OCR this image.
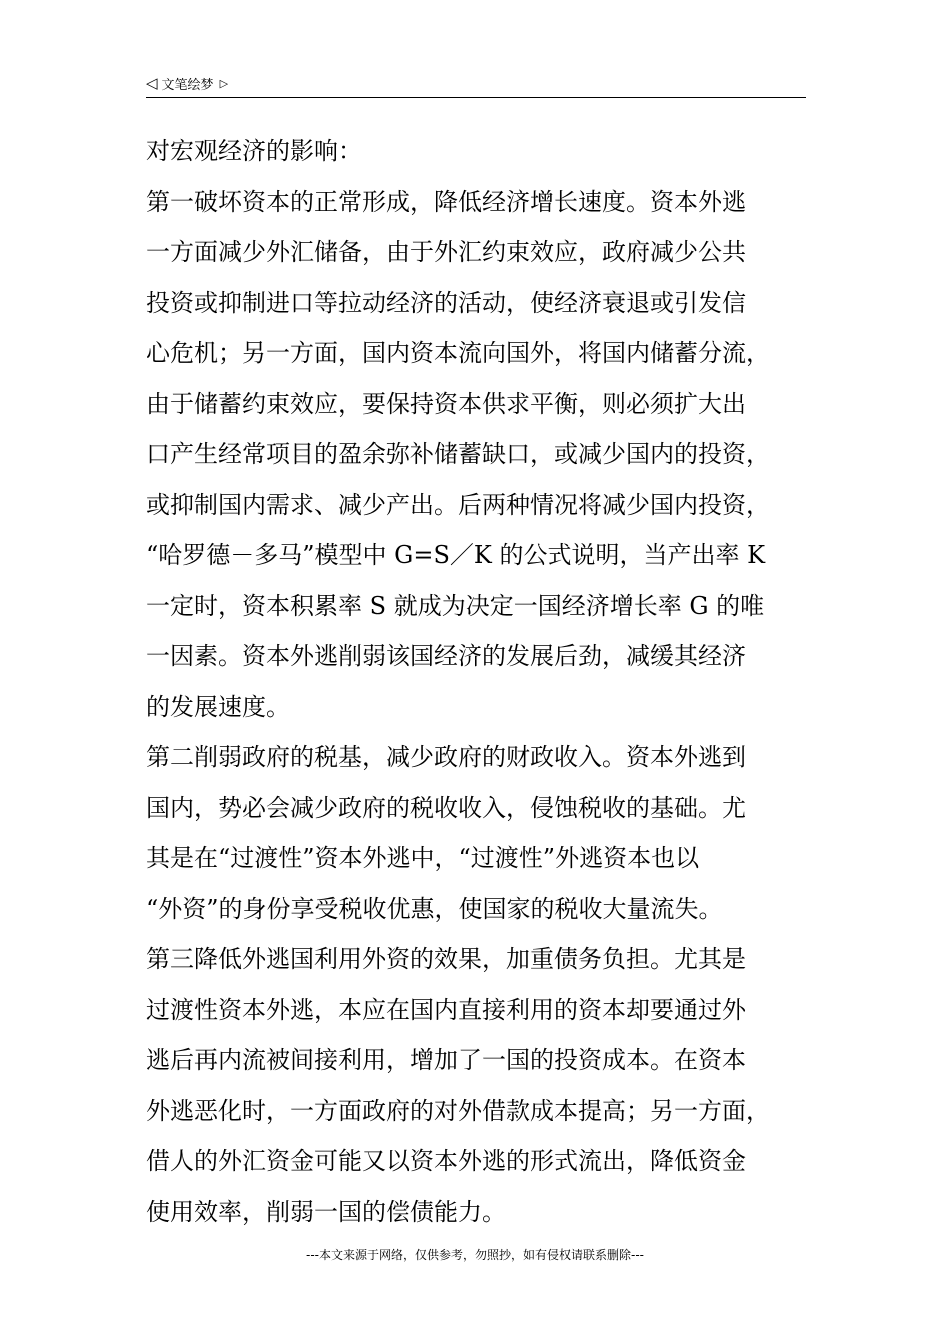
◁ 文笔绘梦 ▷
对宏观经济的影响：
第一破坏资本的正常形成，降低经济增长速度。资本外逃
一方面减少外汇储备，由于外汇约束效应，政府减少公共
投资或抑制进口等拉动经济的活动，使经济衰退或引发信
心危机；另一方面，国内资本流向国外，将国内储蓄分流，
由于储蓄约束效应，要保持资本供求平衡，则必须扩大出
口产生经常项目的盈余弥补储蓄缺口，或减少国内的投资，
或抑制国内需求、减少产出。后两种情况将减少国内投资，
“哈罗德－多马”模型中 G=S／K 的公式说明，当产出率 K
一定时，资本积累率 S 就成为决定一国经济增长率 G 的唯
一因素。资本外逃削弱该国经济的发展后劲，减缓其经济
的发展速度。
第二削弱政府的税基，减少政府的财政收入。资本外逃到
国内，势必会减少政府的税收收入，侵蚀税收的基础。尤
其是在“过渡性”资本外逃中，“过渡性”外逃资本也以
“外资”的身份享受税收优惠，使国家的税收大量流失。
第三降低外逃国利用外资的效果，加重债务负担。尤其是
过渡性资本外逃，本应在国内直接利用的资本却要通过外
逃后再内流被间接利用，增加了一国的投资成本。在资本
外逃恶化时，一方面政府的对外借款成本提高；另一方面，
借人的外汇资金可能又以资本外逃的形式流出，降低资金
使用效率，削弱一国的偿债能力。
---本文来源于网络，仅供参考，勿照抄，如有侵权请联系删除---
